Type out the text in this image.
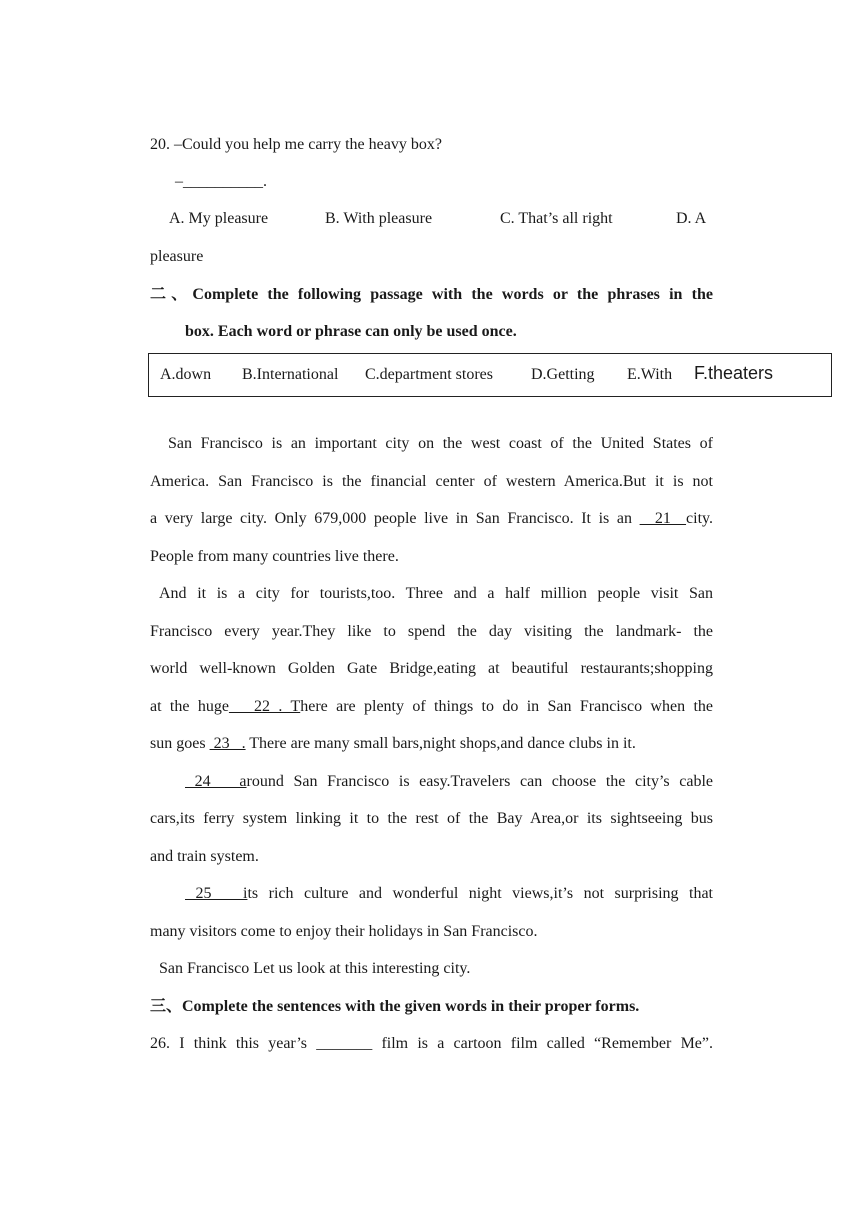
20. –Could you help me carry the heavy box?
–__________.
A. My pleasure	B. With pleasure	C. That’s all right	D. A
pleasure
二、Complete the following passage with the words or the phrases in the
box. Each word or phrase can only be used once.
A.down B.International C.department stores D.Getting E.With F.theaters
San Francisco is an important city on the west coast of the United States of
America. San Francisco is the financial center of western America.But it is not
a very large city. Only 679,000 people live in San Francisco. It is an   21  city.
People from many countries live there.
And it is a city for tourists,too. Three and a half million people visit San
Francisco every year.They like to spend the day visiting the landmark- the
world well-known Golden Gate Bridge,eating at beautiful restaurants;shopping
at the huge   22 . There are plenty of things to do in San Francisco when the
sun goes  23   . There are many small bars,night shops,and dance clubs in it.
24   around San Francisco is easy.Travelers can choose the city’s cable
cars,its ferry system linking it to the rest of the Bay Area,or its sightseeing bus
and train system.
25   its rich culture and wonderful night views,it’s not surprising that
many visitors come to enjoy their holidays in San Francisco.
San Francisco Let us look at this interesting city.
三、Complete the sentences with the given words in their proper forms.
26. I think this year’s _______ film is a cartoon film called “Remember Me”.
